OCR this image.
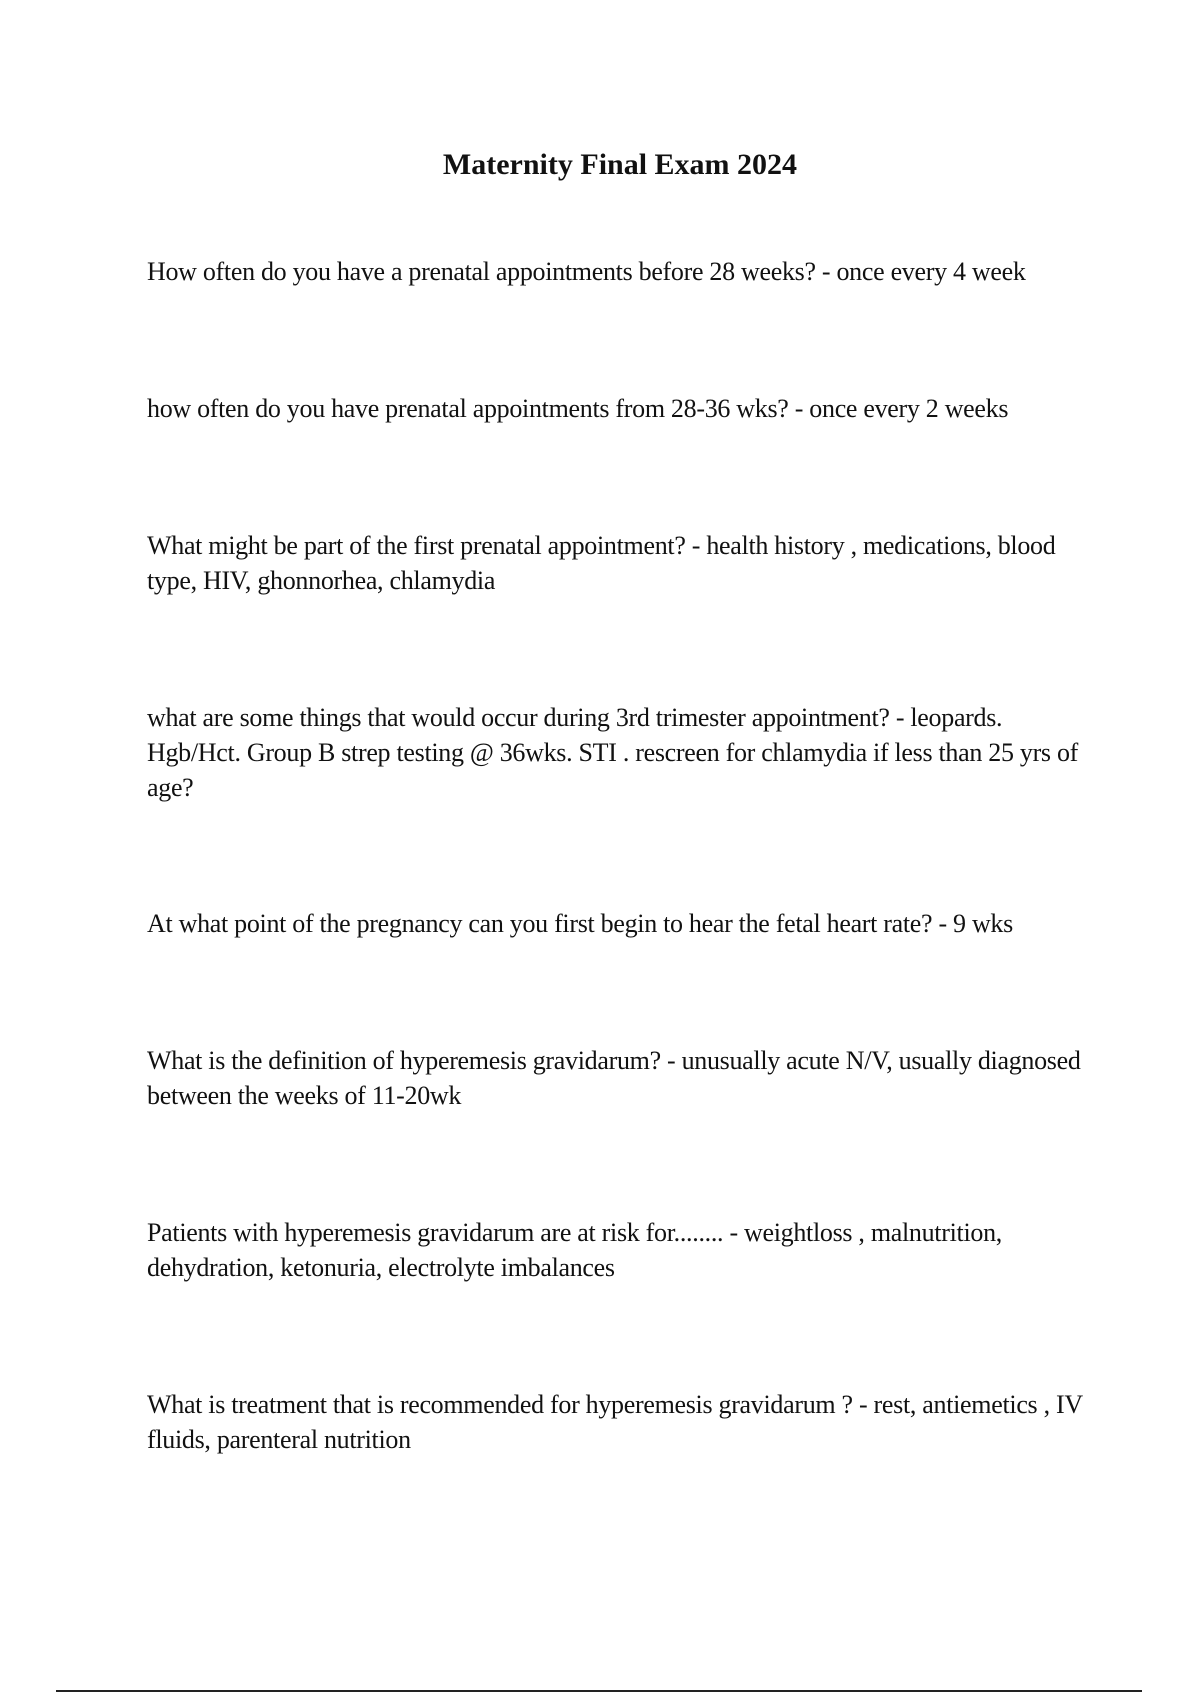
Maternity Final Exam 2024
How often do you have a prenatal appointments before 28 weeks? - once every 4 week
how often do you have prenatal appointments from 28-36 wks? - once every 2 weeks
What might be part of the first prenatal appointment? - health history , medications, blood type, HIV, ghonnorhea, chlamydia
what are some things that would occur during 3rd trimester appointment? - leopards. Hgb/Hct. Group B strep testing @ 36wks. STI . rescreen for chlamydia if less than 25 yrs of age?
At what point of the pregnancy can you first begin to hear the fetal heart rate? - 9 wks
What is the definition of hyperemesis gravidarum? - unusually acute N/V, usually diagnosed between the weeks of 11-20wk
Patients with hyperemesis gravidarum are at risk for........ - weightloss , malnutrition, dehydration, ketonuria, electrolyte imbalances
What is treatment that is recommended for hyperemesis gravidarum ? - rest, antiemetics , IV fluids, parenteral nutrition
